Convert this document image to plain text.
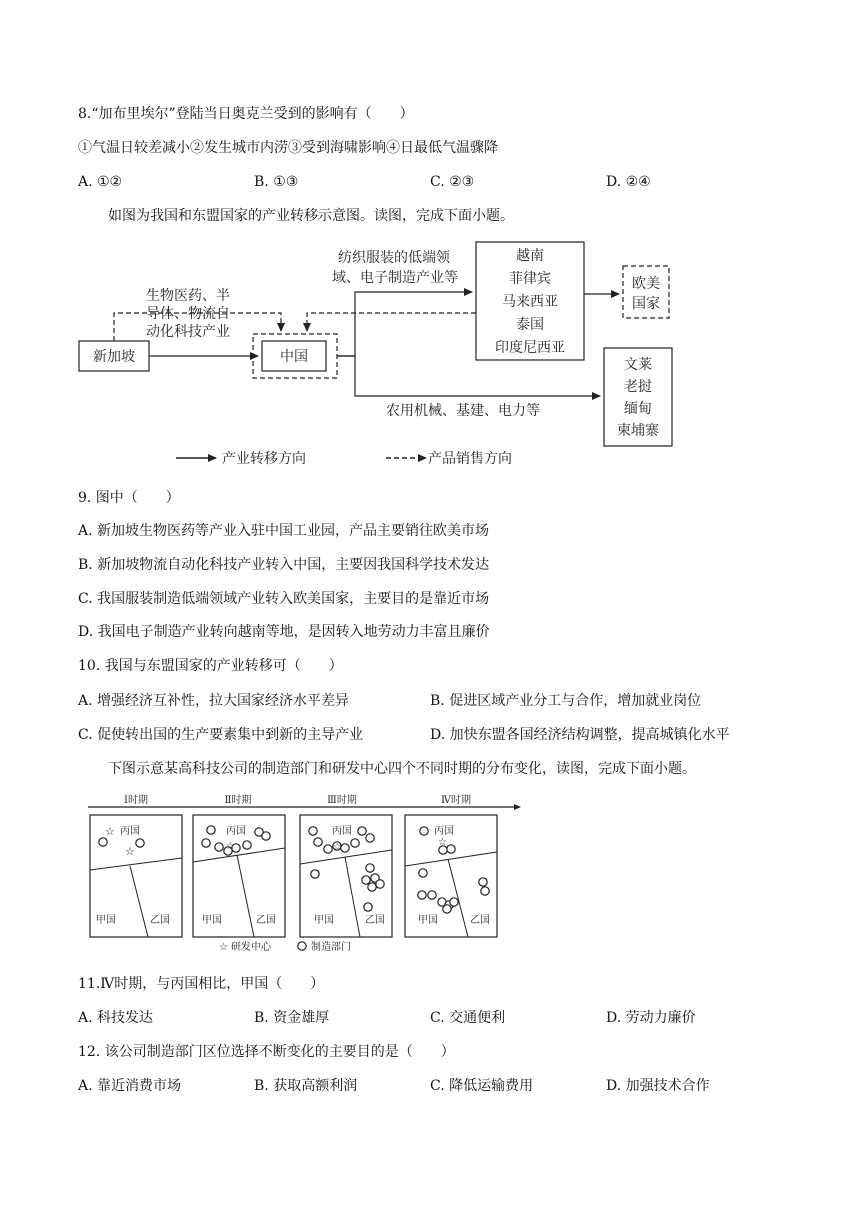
8.“加布里埃尔”登陆当日奥克兰受到的影响有（　　）
①气温日较差减小②发生城市内涝③受到海啸影响④日最低气温骤降
A. ①②	B. ①③	C. ②③	D. ②④
如图为我国和东盟国家的产业转移示意图。读图，完成下面小题。
新加坡	中国
生物医药、半
导体、物流自
动化科技产业
纺织服装的低端领
域、电子制造产业等
越南
菲律宾
马来西亚
泰国
印度尼西亚
欧美
国家
农用机械、基建、电力等
文莱
老挝
缅甸
柬埔寨
产业转移方向	产品销售方向
9. 图中（　　）
A. 新加坡生物医药等产业入驻中国工业园，产品主要销往欧美市场
B. 新加坡物流自动化科技产业转入中国，主要因我国科学技术发达
C. 我国服装制造低端领域产业转入欧美国家，主要目的是靠近市场
D. 我国电子制造产业转向越南等地，是因转入地劳动力丰富且廉价
10. 我国与东盟国家的产业转移可（　　）
A. 增强经济互补性，拉大国家经济水平差异	B. 促进区域产业分工与合作，增加就业岗位
C. 促使转出国的生产要素集中到新的主导产业	D. 加快东盟各国经济结构调整，提高城镇化水平
下图示意某高科技公司的制造部门和研发中心四个不同时期的分布变化，读图，完成下面小题。
Ⅰ时期	Ⅱ时期	Ⅲ时期	Ⅳ时期
丙国
甲国	乙国
☆
☆
丙国
甲国	乙国
☆
丙国
甲国	乙国
☆
丙国
甲国	乙国
☆
☆ 研发中心	制造部门
11.Ⅳ时期，与丙国相比，甲国（　　）
A. 科技发达	B. 资金雄厚	C. 交通便利	D. 劳动力廉价
12. 该公司制造部门区位选择不断变化的主要目的是（　　）
A. 靠近消费市场	B. 获取高额利润	C. 降低运输费用	D. 加强技术合作
